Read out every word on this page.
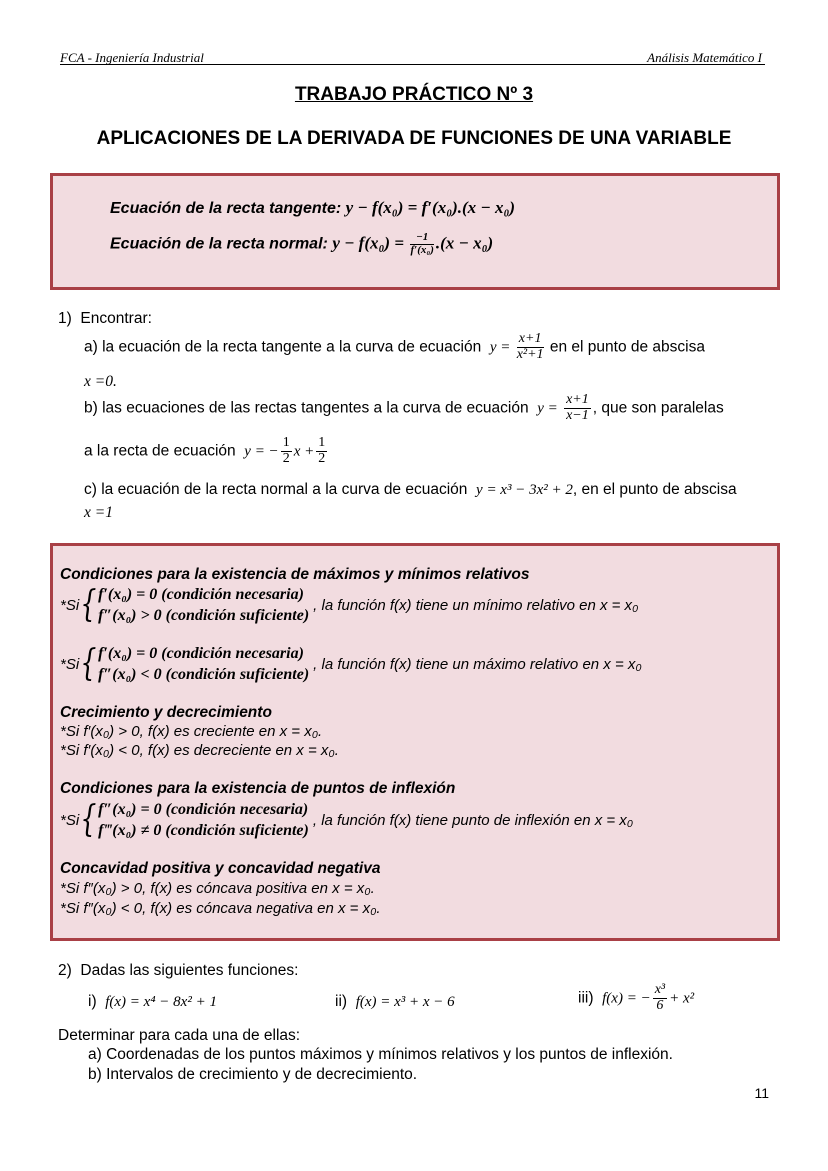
FCA - Ingeniería Industrial	Análisis Matemático I
TRABAJO PRÁCTICO Nº 3
APLICACIONES DE LA DERIVADA DE FUNCIONES DE UNA VARIABLE
Ecuación de la recta tangente: y − f(x₀) = f′(x₀).(x − x₀)
Ecuación de la recta normal: $y - f(x_0) = \frac{-1}{\text{f′(x₀)}} .(x - x_0)$
1) Encontrar:
a) la ecuación de la recta tangente a la curva de ecuación $y = \frac{x+1}{\text{x²+1}}$ en el punto de abscisa
x =0.
b) las ecuaciones de las rectas tangentes a la curva de ecuación $y = \frac{x+1}{x-1}$ , que son paralelas
a la recta de ecuación y = − $\frac{1}{2}$ $x + \frac{1}{2}$
c) la ecuación de la recta normal a la curva de ecuación y = x³ − 3x² + 2, en el punto de abscisa
x =1
Condiciones para la existencia de máximos y mínimos relativos
*Si { f′(x₀) = 0 (condición necesaria)
f″(x₀) > 0 (condición suficiente)
, la función f(x) tiene un mínimo relativo en x = x₀
*Si { f′(x₀) = 0 (condición necesaria)
f″(x₀) < 0 (condición suficiente)
, la función f(x) tiene un máximo relativo en x = x₀
Crecimiento y decrecimiento
*Si f′(x₀) > 0, f(x) es creciente en x = x₀.
*Si f′(x₀) < 0, f(x) es decreciente en x = x₀.
Condiciones para la existencia de puntos de inflexión
*Si { f″(x₀) = 0 (condición necesaria)
f‴(x₀) ≠ 0 (condición suficiente)
, la función f(x) tiene punto de inflexión en x = x₀
Concavidad positiva y concavidad negativa
*Si f″(x₀) > 0, f(x) es cóncava positiva en x = x₀.
*Si f″(x₀) < 0, f(x) es cóncava negativa en x = x₀.
2) Dadas las siguientes funciones:
i) f(x) = x⁴ − 8x² + 1	ii) f(x) = x³ + x − 6	iii) f(x) = − $\frac{\text{x³}}{6} + x^2$
Determinar para cada una de ellas:
a) Coordenadas de los puntos máximos y mínimos relativos y los puntos de inflexión.
b) Intervalos de crecimiento y de decrecimiento.
11
